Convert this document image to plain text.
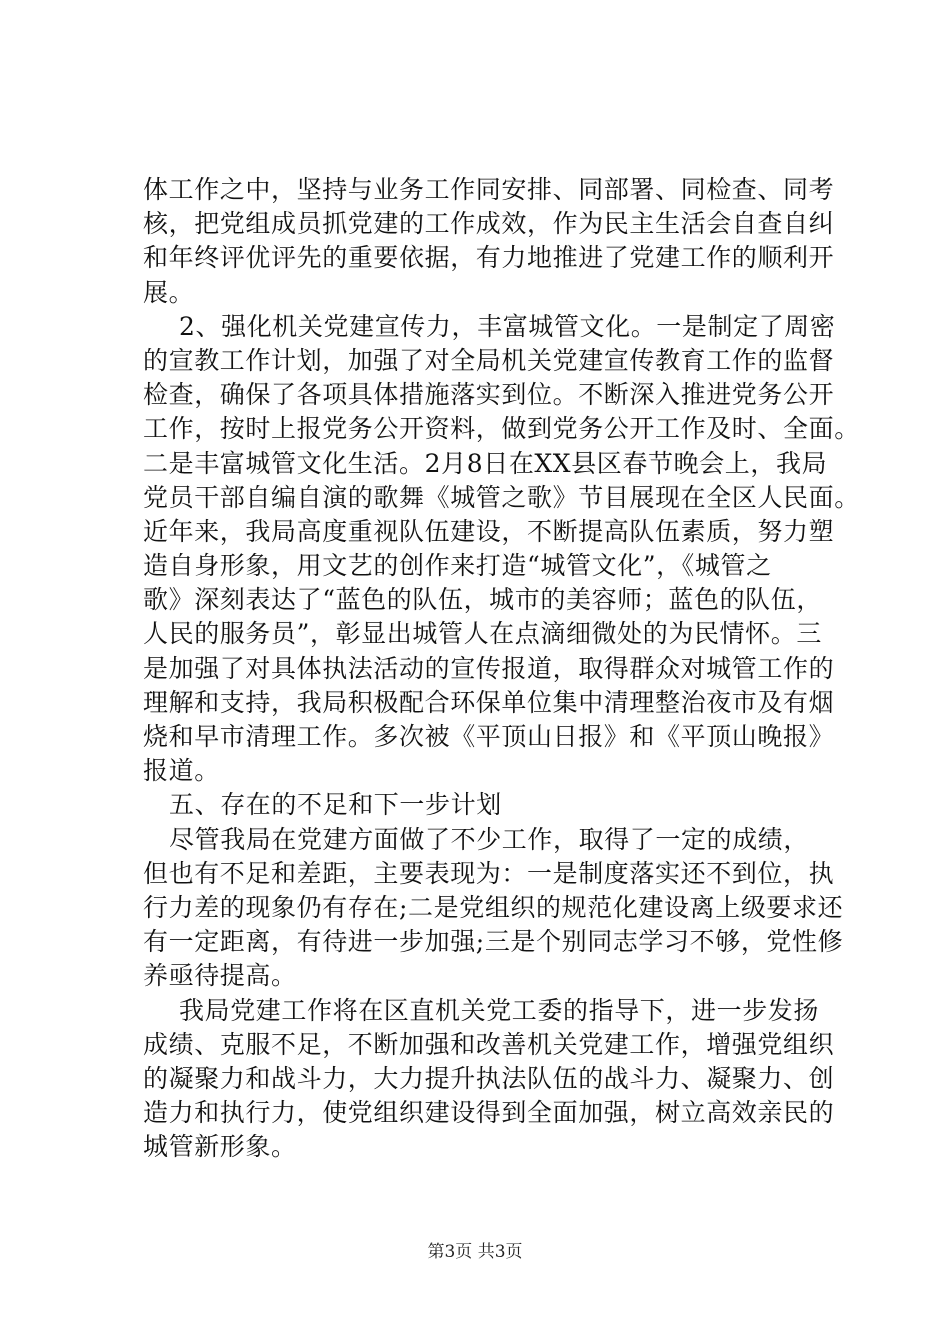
体工作之中，坚持与业务工作同安排、同部署、同检查、同考
核，把党组成员抓党建的工作成效，作为民主生活会自查自纠
和年终评优评先的重要依据，有力地推进了党建工作的顺利开
展。
2、强化机关党建宣传力，丰富城管文化。一是制定了周密
的宣教工作计划，加强了对全局机关党建宣传教育工作的监督
检查，确保了各项具体措施落实到位。不断深入推进党务公开
工作，按时上报党务公开资料，做到党务公开工作及时、全面。
二是丰富城管文化生活。2月8日在XX县区春节晚会上，我局
党员干部自编自演的歌舞《城管之歌》节目展现在全区人民面。
近年来，我局高度重视队伍建设，不断提高队伍素质，努力塑
造自身形象，用文艺的创作来打造“城管文化”，《城管之
歌》深刻表达了“蓝色的队伍，城市的美容师；蓝色的队伍，
人民的服务员”，彰显出城管人在点滴细微处的为民情怀。三
是加强了对具体执法活动的宣传报道，取得群众对城管工作的
理解和支持，我局积极配合环保单位集中清理整治夜市及有烟
烧和早市清理工作。多次被《平顶山日报》和《平顶山晚报》
报道。
五、存在的不足和下一步计划
尽管我局在党建方面做了不少工作，取得了一定的成绩，
但也有不足和差距，主要表现为：一是制度落实还不到位，执
行力差的现象仍有存在;二是党组织的规范化建设离上级要求还
有一定距离，有待进一步加强;三是个别同志学习不够，党性修
养亟待提高。
我局党建工作将在区直机关党工委的指导下，进一步发扬
成绩、克服不足，不断加强和改善机关党建工作，增强党组织
的凝聚力和战斗力，大力提升执法队伍的战斗力、凝聚力、创
造力和执行力，使党组织建设得到全面加强，树立高效亲民的
城管新形象。
第3页 共3页
